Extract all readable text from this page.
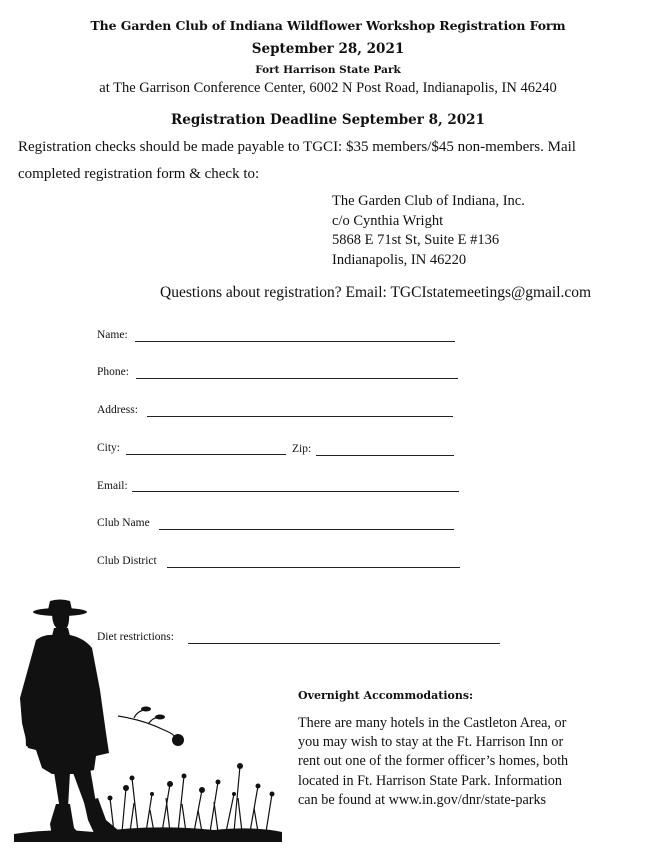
The Garden Club of Indiana Wildflower Workshop Registration Form
September 28, 2021
Fort Harrison State Park
at The Garrison Conference Center, 6002 N Post Road, Indianapolis, IN 46240
Registration Deadline September 8, 2021
Registration checks should be made payable to TGCI: $35 members/$45 non-members. Mail
completed registration form & check to:
The Garden Club of Indiana, Inc.
c/o Cynthia Wright
5868 E 71st St, Suite E #136
Indianapolis, IN 46220
Questions about registration? Email: TGCIstatemeetings@gmail.com
Name:
Phone:
Address:
City:	Zip:
Email:
Club Name
Club District
Diet restrictions:
Overnight Accommodations:
There are many hotels in the Castleton Area, or
you may wish to stay at the Ft. Harrison Inn or
rent out one of the former officer’s homes, both
located in Ft. Harrison State Park. Information
can be found at www.in.gov/dnr/state-parks
